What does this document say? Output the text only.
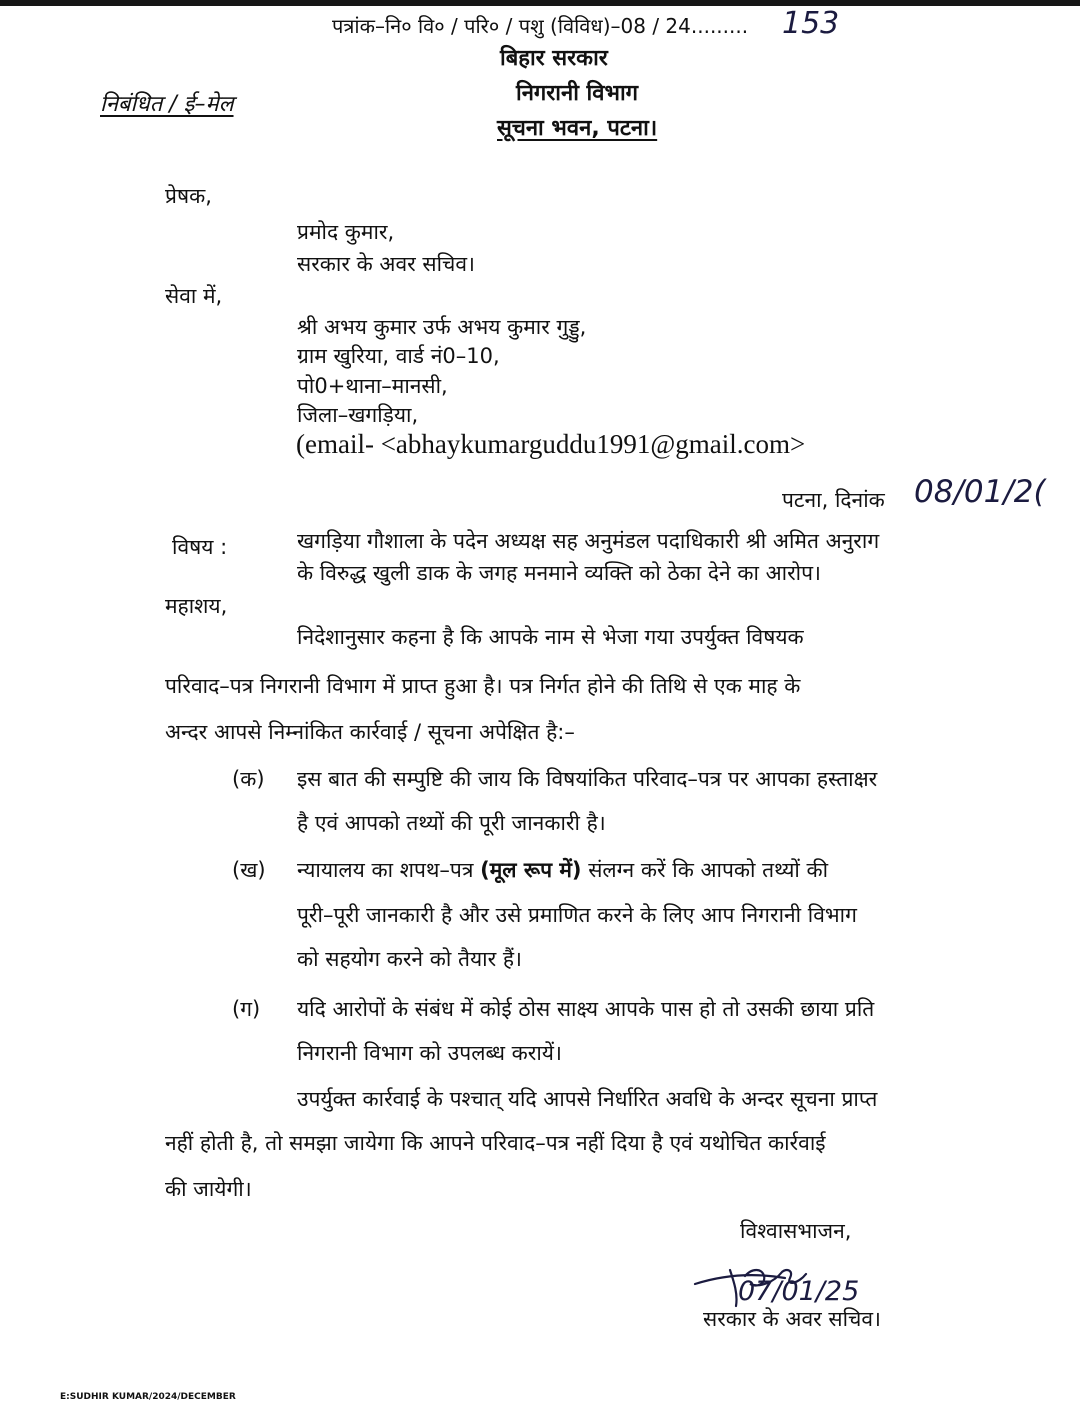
पत्रांक–नि० वि० / परि० / पशु (विविध)–08 / 24......... 153
बिहार सरकार
निगरानी विभाग
सूचना भवन, पटना।
निबंधित / ई–मेल
प्रेषक,
प्रमोद कुमार,
सरकार के अवर सचिव।
सेवा में,
श्री अभय कुमार उर्फ अभय कुमार गुड्डु,
ग्राम खुरिया, वार्ड नं0–10,
पो0+थाना–मानसी,
जिला–खगड़िया,
(email- <abhaykumarguddu1991@gmail.com>
पटना, दिनांक 08/01/2(
विषय :	खगड़िया गौशाला के पदेन अध्यक्ष सह अनुमंडल पदाधिकारी श्री अमित अनुराग
के विरुद्ध खुली डाक के जगह मनमाने व्यक्ति को ठेका देने का आरोप।
महाशय,
निदेशानुसार कहना है कि आपके नाम से भेजा गया उपर्युक्त विषयक
परिवाद–पत्र निगरानी विभाग में प्राप्त हुआ है। पत्र निर्गत होने की तिथि से एक माह के
अन्दर आपसे निम्नांकित कार्रवाई / सूचना अपेक्षित है:–
(क) इस बात की सम्पुष्टि की जाय कि विषयांकित परिवाद–पत्र पर आपका हस्ताक्षर
है एवं आपको तथ्यों की पूरी जानकारी है।
(ख) न्यायालय का शपथ–पत्र (मूल रूप में) संलग्न करें कि आपको तथ्यों की
पूरी–पूरी जानकारी है और उसे प्रमाणित करने के लिए आप निगरानी विभाग
को सहयोग करने को तैयार हैं।
(ग) यदि आरोपों के संबंध में कोई ठोस साक्ष्य आपके पास हो तो उसकी छाया प्रति
निगरानी विभाग को उपलब्ध करायें।
उपर्युक्त कार्रवाई के पश्चात् यदि आपसे निर्धारित अवधि के अन्दर सूचना प्राप्त
नहीं होती है, तो समझा जायेगा कि आपने परिवाद–पत्र नहीं दिया है एवं यथोचित कार्रवाई
की जायेगी।
विश्वासभाजन,
07/01/25
सरकार के अवर सचिव।
E:SUDHIR KUMAR/2024/DECEMBER
